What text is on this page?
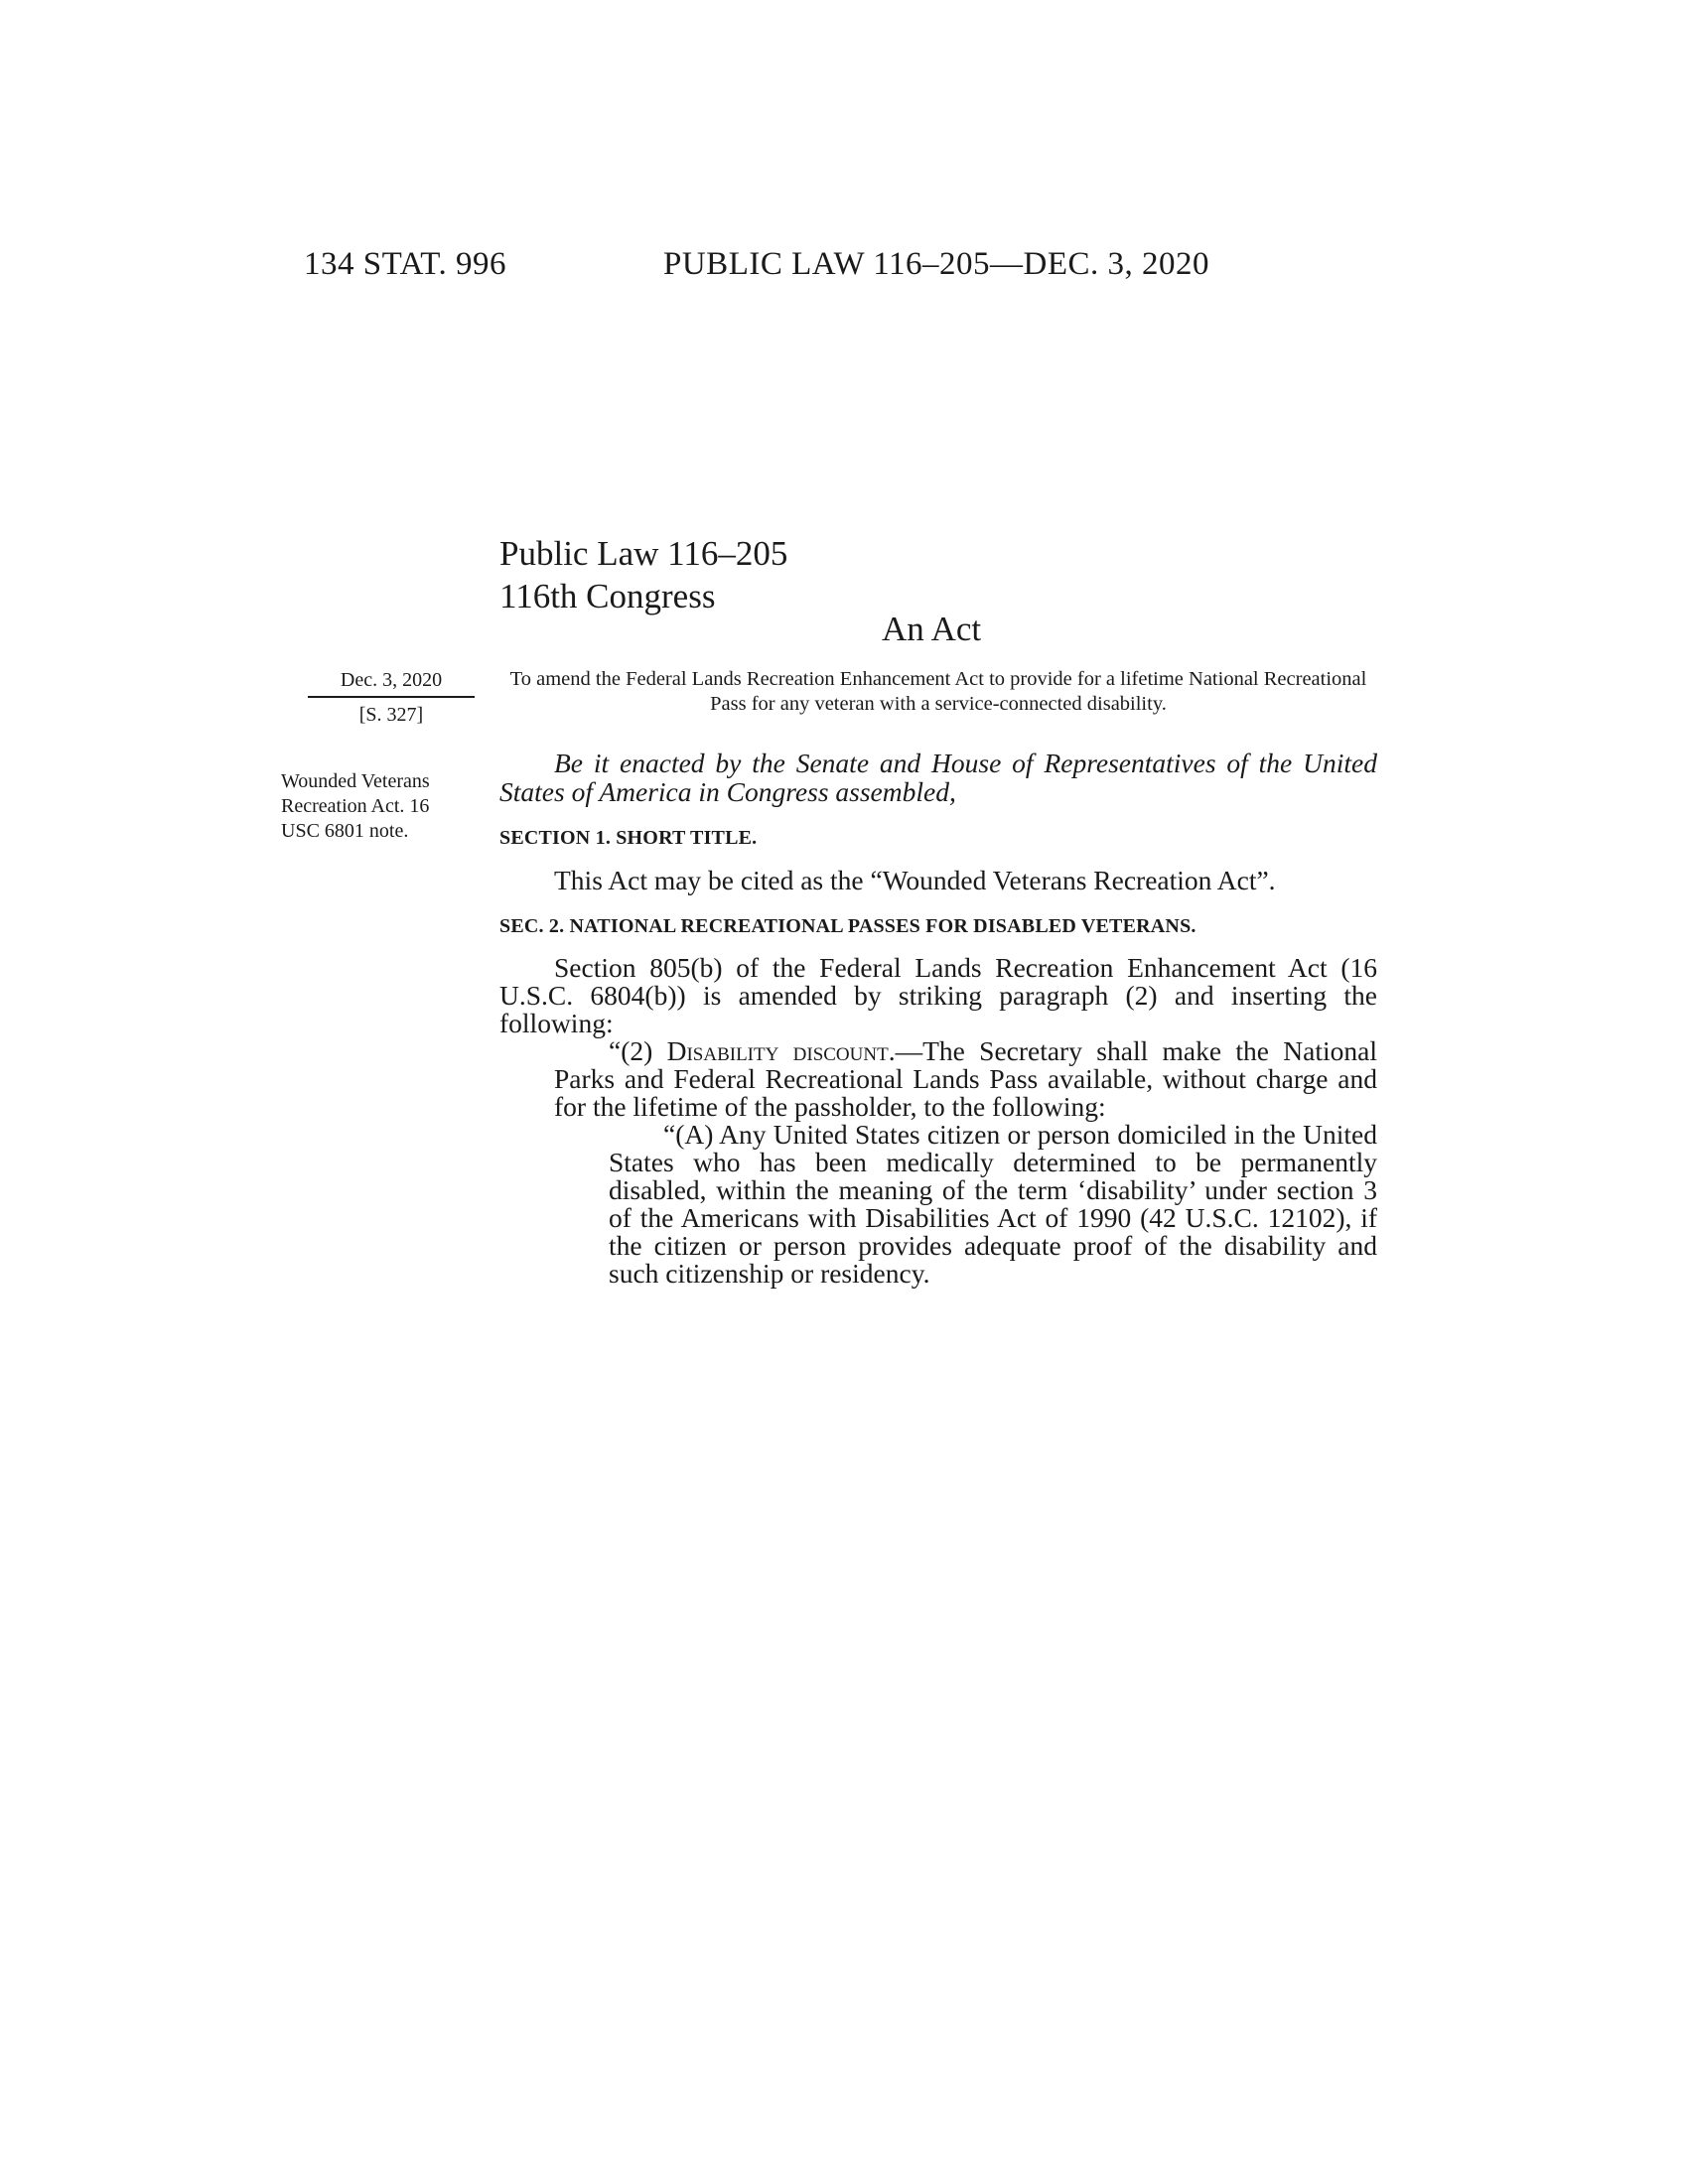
134 STAT. 996	PUBLIC LAW 116–205—DEC. 3, 2020
Public Law 116–205
116th Congress
An Act
Dec. 3, 2020
[S. 327]
Wounded Veterans Recreation Act. 16 USC 6801 note.

To amend the Federal Lands Recreation Enhancement Act to provide for a lifetime National Recreational Pass for any veteran with a service-connected disability.

Be it enacted by the Senate and House of Representatives of the United States of America in Congress assembled,

SECTION 1. SHORT TITLE.

This Act may be cited as the “Wounded Veterans Recreation Act”.

SEC. 2. NATIONAL RECREATIONAL PASSES FOR DISABLED VETERANS.

Section 805(b) of the Federal Lands Recreation Enhancement Act (16 U.S.C. 6804(b)) is amended by striking paragraph (2) and inserting the following:

“(2) Disability discount.—The Secretary shall make the National Parks and Federal Recreational Lands Pass available, without charge and for the lifetime of the passholder, to the following:

“(A) Any United States citizen or person domiciled in the United States who has been medically determined to be permanently disabled, within the meaning of the term ‘disability’ under section 3 of the Americans with Disabilities Act of 1990 (42 U.S.C. 12102), if the citizen or person provides adequate proof of the disability and such citizenship or residency.
